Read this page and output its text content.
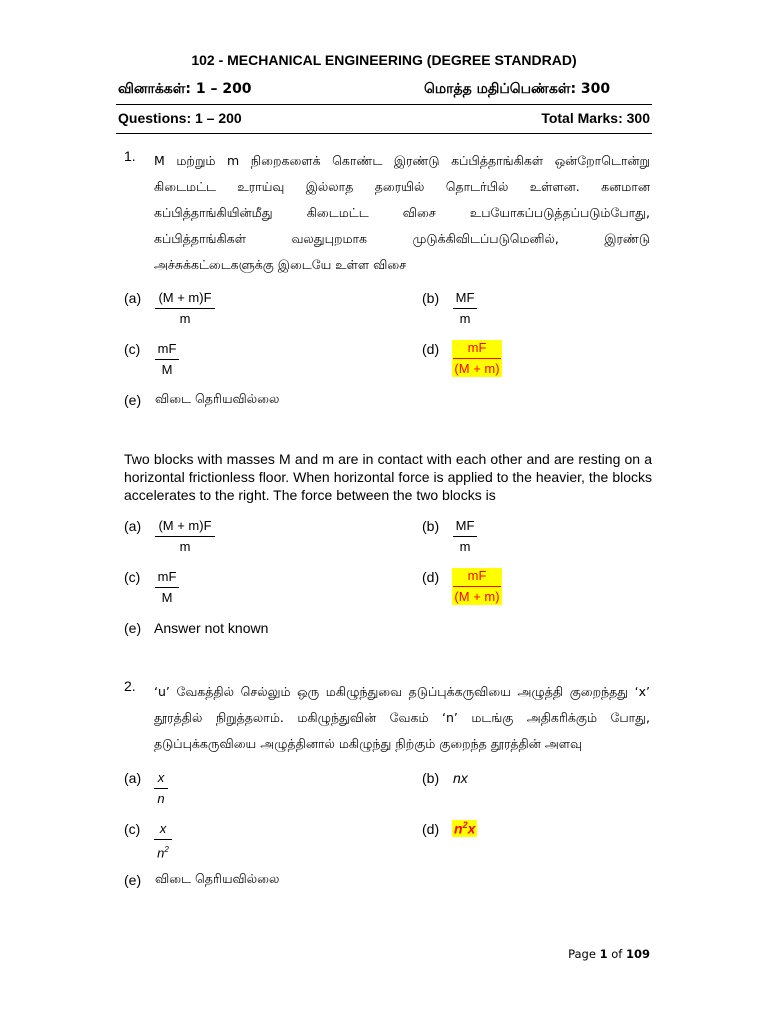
102 - MECHANICAL ENGINEERING (DEGREE STANDRAD)
வினாக்கள்: 1 – 200	மொத்த மதிப்பெண்கள்: 300
Questions: 1 – 200	Total Marks: 300
1. M மற்றும் m நிறைகளைக் கொண்ட இரண்டு கப்பித்தாங்கிகள் ஒன்றோடொன்று
கிடைமட்ட உராய்வு இல்லாத தரையில் தொடர்பில் உள்ளன. கனமான
கப்பித்தாங்கியின்மீது கிடைமட்ட விசை உபயோகப்படுத்தப்படும்போது,
கப்பித்தாங்கிகள் வலதுபுறமாக முடுக்கிவிடப்படுமெனில், இரண்டு
அச்சுக்கட்டைகளுக்கு இடையே உள்ள விசை
$(a) \frac{(M + m)F}{m}$	$(b) \frac{MF}{m}$
$(c) \frac{mF}{M}$	$(d) \frac{mF}{(M + m)}$
(e) விடை தெரியவில்லை
Two blocks with masses M and m are in contact with each other and are resting on a horizontal frictionless floor. When horizontal force is applied to the heavier, the blocks accelerates to the right. The force between the two blocks is
$(a) \frac{(M + m)F}{m}$	$(b) \frac{MF}{m}$
$(c) \frac{mF}{M}$	$(d) \frac{mF}{(M + m)}$
(e) Answer not known
2. ‘u’ வேகத்தில் செல்லும் ஒரு மகிழுந்துவை தடுப்புக்கருவியை அழுத்தி குறைந்தது ‘x’
தூரத்தில் நிறுத்தலாம். மகிழுந்துவின் வேகம் ‘n’ மடங்கு அதிகரிக்கும் போது,
தடுப்புக்கருவியை அழுத்தினால் மகிழுந்து நிற்கும் குறைந்த தூரத்தின் அளவு
$(a) \frac{x}{n}$	(b) nx
$(c) \frac{x}{n^2}$	(d) $n^2x$
(e) விடை தெரியவில்லை
Page 1 of 109
